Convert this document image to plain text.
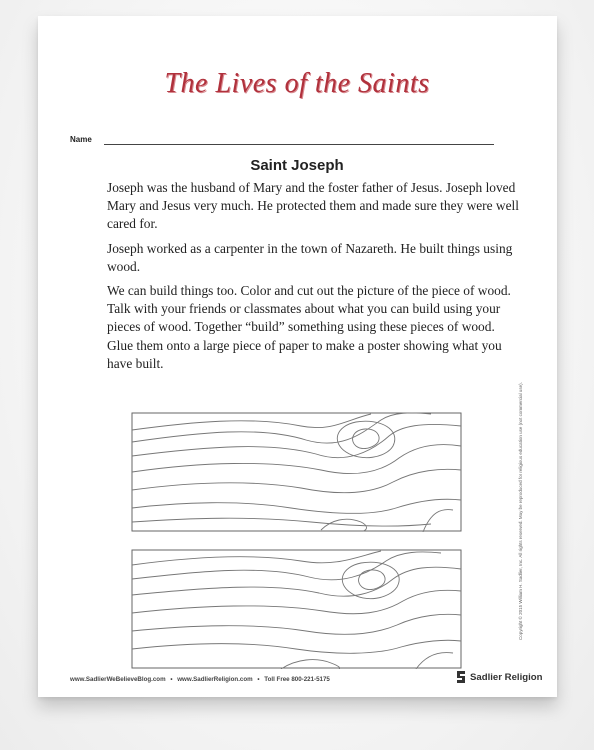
The Lives of the Saints
Name
Saint Joseph

Joseph was the husband of Mary and the foster father of Jesus. Joseph loved Mary and Jesus very much. He protected them and made sure they were well cared for.

Joseph worked as a carpenter in the town of Nazareth. He built things using wood.

We can build things too. Color and cut out the picture of the piece of wood. Talk with your friends or classmates about what you can build using your pieces of wood. Together “build” something using these pieces of wood. Glue them onto a large piece of paper to make a poster showing what you have built.

Copyright © 2015 William H. Sadlier, Inc. All rights reserved. May be reproduced for religious education use (not commercial use).
www.SadlierWeBelieveBlog.com • www.SadlierReligion.com • Toll Free 800-221-5175	Sadlier Religion
